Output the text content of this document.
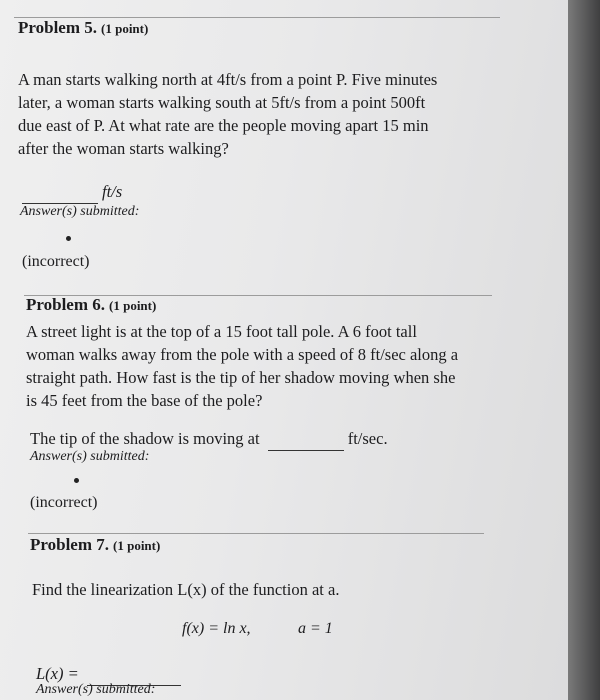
Problem 5. (1 point)
A man starts walking north at 4ft/s from a point P. Five minutes
later, a woman starts walking south at 5ft/s from a point 500ft
due east of P. At what rate are the people moving apart 15 min
after the woman starts walking?
ft/s
Answer(s) submitted:
(incorrect)
Problem 6. (1 point)
A street light is at the top of a 15 foot tall pole. A 6 foot tall
woman walks away from the pole with a speed of 8 ft/sec along a
straight path. How fast is the tip of her shadow moving when she
is 45 feet from the base of the pole?
The tip of the shadow is moving at	ft/sec.
Answer(s) submitted:
(incorrect)
Problem 7. (1 point)
Find the linearization L(x) of the function at a.
f(x) = ln x,	a = 1
L(x) =
Answer(s) submitted:
